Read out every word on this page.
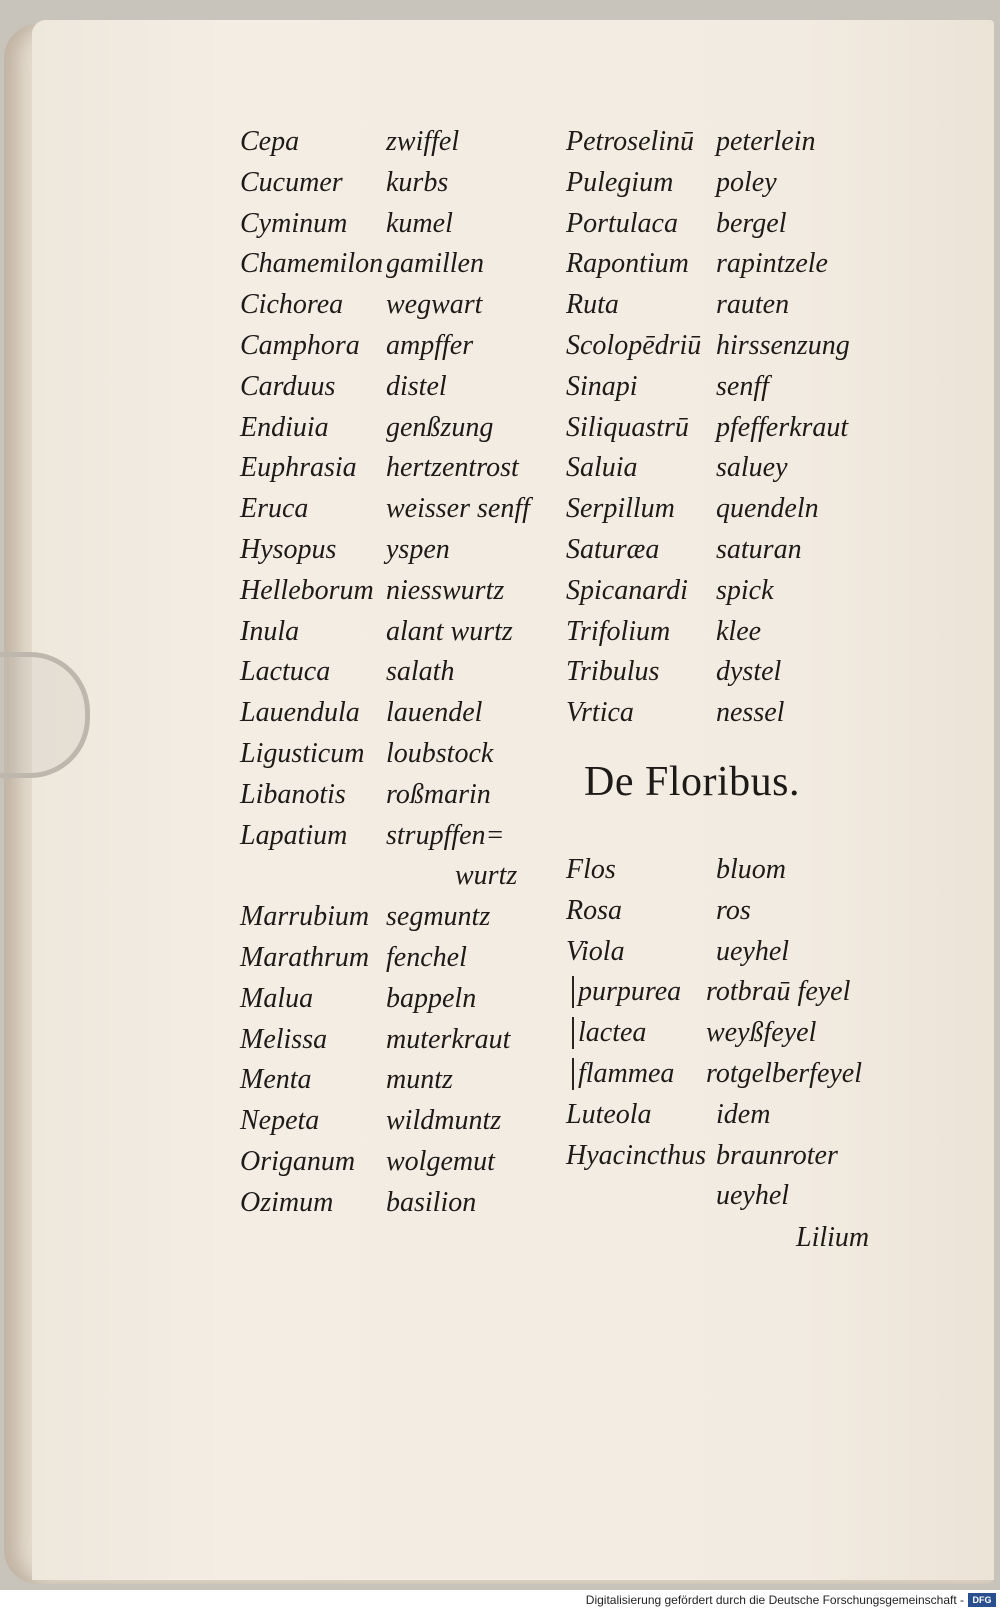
Cepa	zwiffel
Cucumer kurbs
Cyminum kumel
Chamemilon gamillen
Cichorea wegwart
Camphora ampffer
Carduus distel
Endiuia genßzung
Euphrasia hertzentrost
Eruca	weisser senff
Hysopus yspen
Helleborum niesswurtz
Inula	alant wurtz
Lactuca salath
Lauendula lauendel
Ligusticum loubstock
Libanotis roßmarin
Lapatium strupffen=
wurtz
Marrubium segmuntz
Marathrum fenchel
Malua	bappeln
Melissa muterkraut
Menta	muntz
Nepeta wildmuntz
Origanum wolgemut
Ozimum basilion
Petroselinū peterlein
Pulegium poley
Portulaca bergel
Rapontium rapintzele
Ruta	rauten
Scolopēdriū hirssenzung
Sinapi	senff
Siliquastrū pfefferkraut
Saluia	saluey
Serpillum quendeln
Saturæa saturan
Spicanardi spick
Trifolium klee
Tribulus dystel
Vrtica	nessel
De Floribus.
Flos	bluom
Rosa	ros
Viola	ueyhel
purpurea rotbraū feyel
lactea weyßfeyel
flammea rotgelberfeyel
Luteola idem
Hyacincthus braunroter
ueyhel
Lilium
Digitalisierung gefördert durch die Deutsche Forschungsgemeinschaft - DFG
